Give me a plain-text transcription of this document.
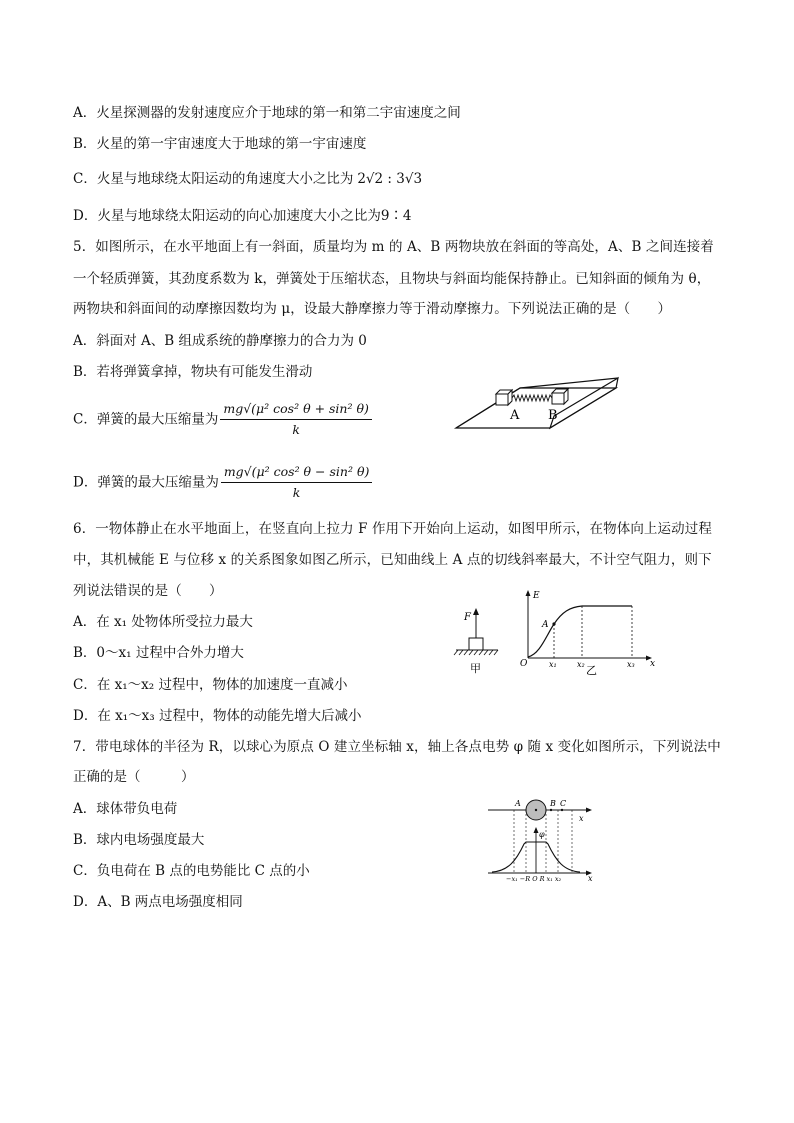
A．火星探测器的发射速度应介于地球的第一和第二宇宙速度之间
B．火星的第一宇宙速度大于地球的第一宇宙速度
C．火星与地球绕太阳运动的角速度大小之比为 2√2 : 3√3
D．火星与地球绕太阳运动的向心加速度大小之比为9∶4
5．如图所示，在水平地面上有一斜面，质量均为 m 的 A、B 两物块放在斜面的等高处，A、B 之间连接着
一个轻质弹簧，其劲度系数为 k，弹簧处于压缩状态，且物块与斜面均能保持静止。已知斜面的倾角为 θ，
两物块和斜面间的动摩擦因数均为 μ，设最大静摩擦力等于滑动摩擦力。下列说法正确的是（　　）
A．斜面对 A、B 组成系统的静摩擦力的合力为 0
B．若将弹簧拿掉，物块有可能发生滑动
C．弹簧的最大压缩量为 $\frac{\text{mg√(μ² cos² θ + sin² θ)}}{k}$
D．弹簧的最大压缩量为 $\frac{\text{mg√(μ² cos² θ − sin² θ)}}{k}$
A B
6．一物体静止在水平地面上，在竖直向上拉力 F 作用下开始向上运动，如图甲所示，在物体向上运动过程
中，其机械能 E 与位移 x 的关系图象如图乙所示，已知曲线上 A 点的切线斜率最大，不计空气阻力，则下
列说法错误的是（　　）
A．在 x₁ 处物体所受拉力最大
B．0～x₁ 过程中合外力增大
C．在 x₁～x₂ 过程中，物体的加速度一直减小
D．在 x₁～x₃ 过程中，物体的动能先增大后减小
F
甲
E
x
O
A
x₁	x₂	x₃
乙
7．带电球体的半径为 R，以球心为原点 O 建立坐标轴 x，轴上各点电势 φ 随 x 变化如图所示，下列说法中
正确的是（　　　）
A．球体带负电荷
B．球内电场强度最大
C．负电荷在 B 点的电势能比 C 点的小
D．A、B 两点电场强度相同
x
A	B C
φ
x
−x₁ −R O R x₁ x₂
